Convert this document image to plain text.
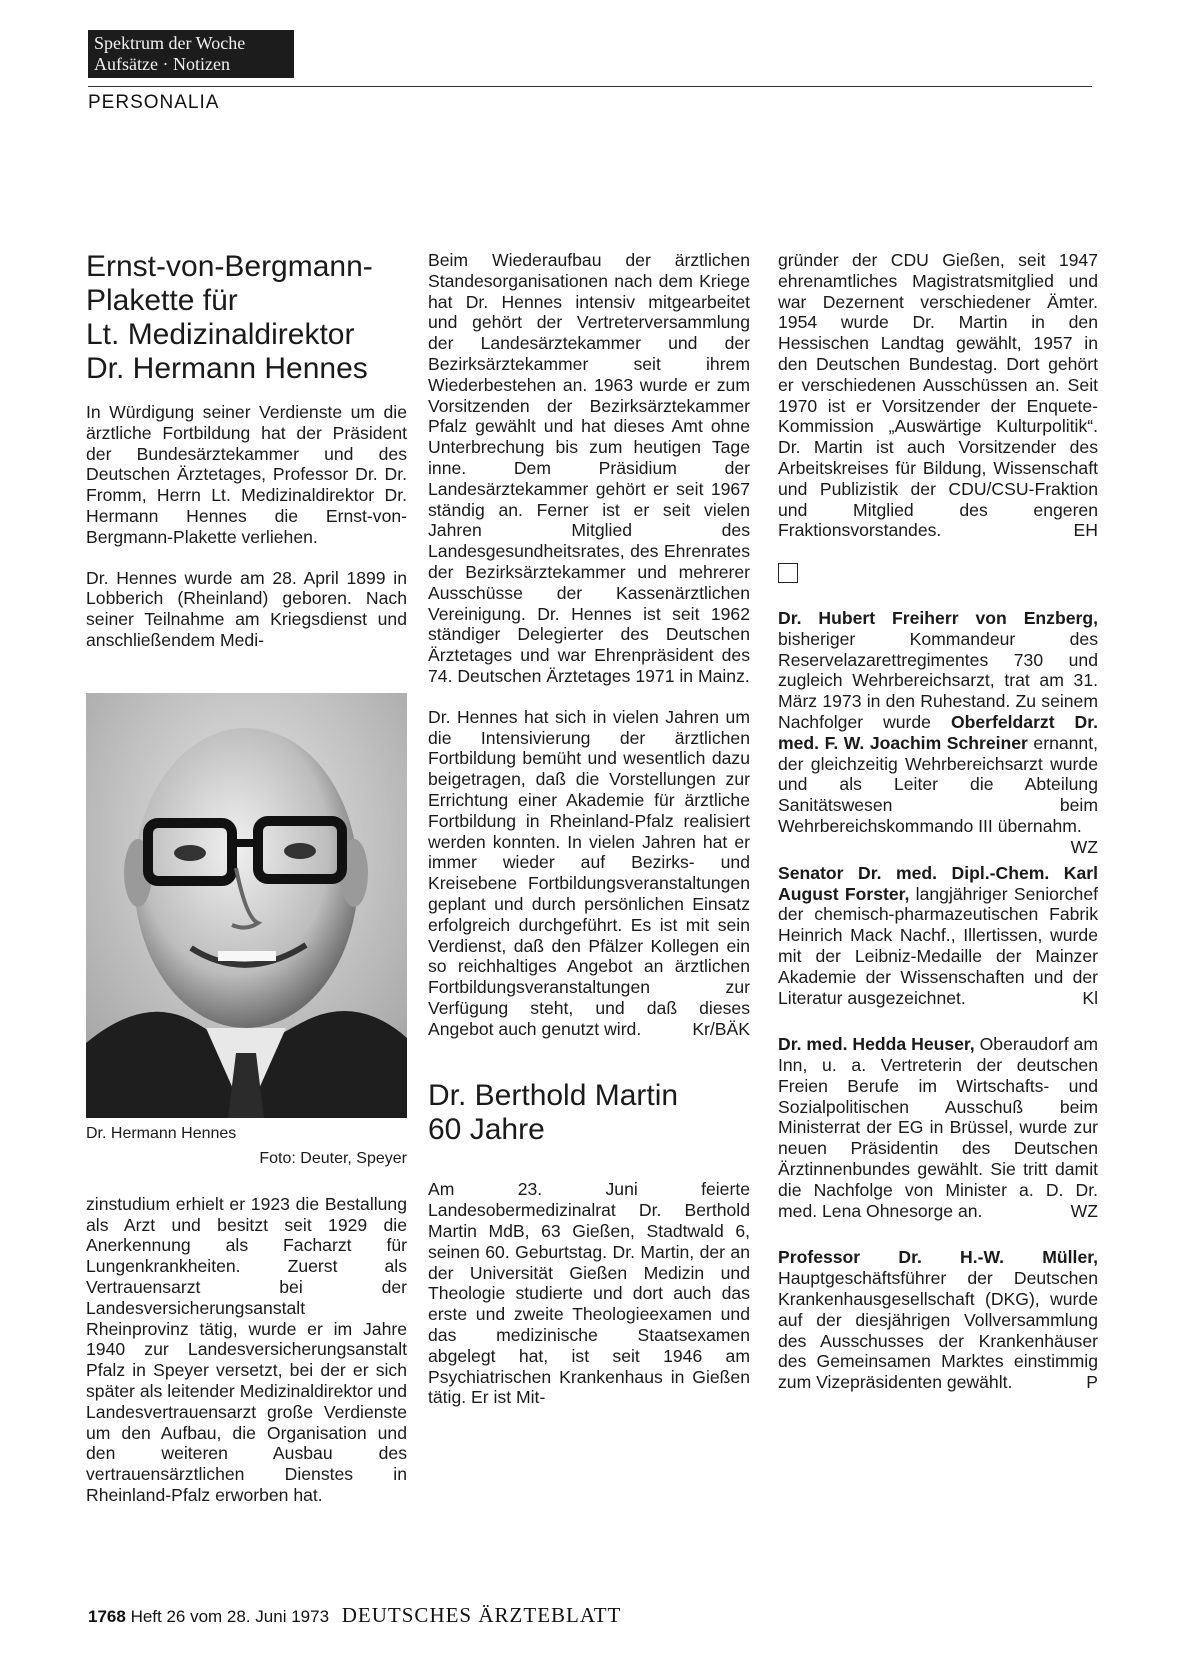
Spektrum der Woche
Aufsätze · Notizen
PERSONALIA
Ernst-von-Bergmann-
Plakette für
Lt. Medizinaldirektor
Dr. Hermann Hennes

In Würdigung seiner Verdienste um die ärztliche Fortbildung hat der Präsident der Bundesärztekammer und des Deutschen Ärztetages, Professor Dr. Dr. Fromm, Herrn Lt. Medizinaldirektor Dr. Hermann Hennes die Ernst-von-Bergmann-Plakette verliehen.

Dr. Hennes wurde am 28. April 1899 in Lobberich (Rheinland) geboren. Nach seiner Teilnahme am Kriegsdienst und anschließendem Medi-

Dr. Hermann Hennes
Foto: Deuter, Speyer

zinstudium erhielt er 1923 die Bestallung als Arzt und besitzt seit 1929 die Anerkennung als Facharzt für Lungenkrankheiten. Zuerst als Vertrauensarzt bei der Landesversicherungsanstalt Rheinprovinz tätig, wurde er im Jahre 1940 zur Landesversicherungsanstalt Pfalz in Speyer versetzt, bei der er sich später als leitender Medizinaldirektor und Landesvertrauensarzt große Verdienste um den Aufbau, die Organisation und den weiteren Ausbau des vertrauensärztlichen Dienstes in Rheinland-Pfalz erworben hat.

Beim Wiederaufbau der ärztlichen Standesorganisationen nach dem Kriege hat Dr. Hennes intensiv mitgearbeitet und gehört der Vertreterversammlung der Landesärztekammer und der Bezirksärztekammer seit ihrem Wiederbestehen an. 1963 wurde er zum Vorsitzenden der Bezirksärztekammer Pfalz gewählt und hat dieses Amt ohne Unterbrechung bis zum heutigen Tage inne. Dem Präsidium der Landesärztekammer gehört er seit 1967 ständig an. Ferner ist er seit vielen Jahren Mitglied des Landesgesundheitsrates, des Ehrenrates der Bezirksärztekammer und mehrerer Ausschüsse der Kassenärztlichen Vereinigung. Dr. Hennes ist seit 1962 ständiger Delegierter des Deutschen Ärztetages und war Ehrenpräsident des 74. Deutschen Ärztetages 1971 in Mainz.

Dr. Hennes hat sich in vielen Jahren um die Intensivierung der ärztlichen Fortbildung bemüht und wesentlich dazu beigetragen, daß die Vorstellungen zur Errichtung einer Akademie für ärztliche Fortbildung in Rheinland-Pfalz realisiert werden konnten. In vielen Jahren hat er immer wieder auf Bezirks- und Kreisebene Fortbildungsveranstaltungen geplant und durch persönlichen Einsatz erfolgreich durchgeführt. Es ist mit sein Verdienst, daß den Pfälzer Kollegen ein so reichhaltiges Angebot an ärztlichen Fortbildungsveranstaltungen zur Verfügung steht, und daß dieses Angebot auch genutzt wird.	Kr/BÄK

Dr. Berthold Martin
60 Jahre

Am 23. Juni feierte Landesobermedizinalrat Dr. Berthold Martin MdB, 63 Gießen, Stadtwald 6, seinen 60. Geburtstag. Dr. Martin, der an der Universität Gießen Medizin und Theologie studierte und dort auch das erste und zweite Theologieexamen und das medizinische Staatsexamen abgelegt hat, ist seit 1946 am Psychiatrischen Krankenhaus in Gießen tätig. Er ist Mit-

gründer der CDU Gießen, seit 1947 ehrenamtliches Magistratsmitglied und war Dezernent verschiedener Ämter. 1954 wurde Dr. Martin in den Hessischen Landtag gewählt, 1957 in den Deutschen Bundestag. Dort gehört er verschiedenen Ausschüssen an. Seit 1970 ist er Vorsitzender der Enquete-Kommission „Auswärtige Kulturpolitik“. Dr. Martin ist auch Vorsitzender des Arbeitskreises für Bildung, Wissenschaft und Publizistik der CDU/CSU-Fraktion und Mitglied des engeren Fraktionsvorstandes.	EH

Dr. Hubert Freiherr von Enzberg, bisheriger Kommandeur des Reservelazarettregimentes 730 und zugleich Wehrbereichsarzt, trat am 31. März 1973 in den Ruhestand. Zu seinem Nachfolger wurde Oberfeldarzt Dr. med. F. W. Joachim Schreiner ernannt, der gleichzeitig Wehrbereichsarzt wurde und als Leiter die Abteilung Sanitätswesen beim Wehrbereichskommando III übernahm.
WZ

Senator Dr. med. Dipl.-Chem. Karl August Forster, langjähriger Seniorchef der chemisch-pharmazeutischen Fabrik Heinrich Mack Nachf., Illertissen, wurde mit der Leibniz-Medaille der Mainzer Akademie der Wissenschaften und der Literatur ausgezeichnet.	Kl

Dr. med. Hedda Heuser, Oberaudorf am Inn, u. a. Vertreterin der deutschen Freien Berufe im Wirtschafts- und Sozialpolitischen Ausschuß beim Ministerrat der EG in Brüssel, wurde zur neuen Präsidentin des Deutschen Ärztinnenbundes gewählt. Sie tritt damit die Nachfolge von Minister a. D. Dr. med. Lena Ohnesorge an.	WZ

Professor Dr. H.-W. Müller, Hauptgeschäftsführer der Deutschen Krankenhausgesellschaft (DKG), wurde auf der diesjährigen Vollversammlung des Ausschusses der Krankenhäuser des Gemeinsamen Marktes einstimmig zum Vizepräsidenten gewählt.	P

1768 Heft 26 vom 28. Juni 1973 DEUTSCHES ÄRZTEBLATT
